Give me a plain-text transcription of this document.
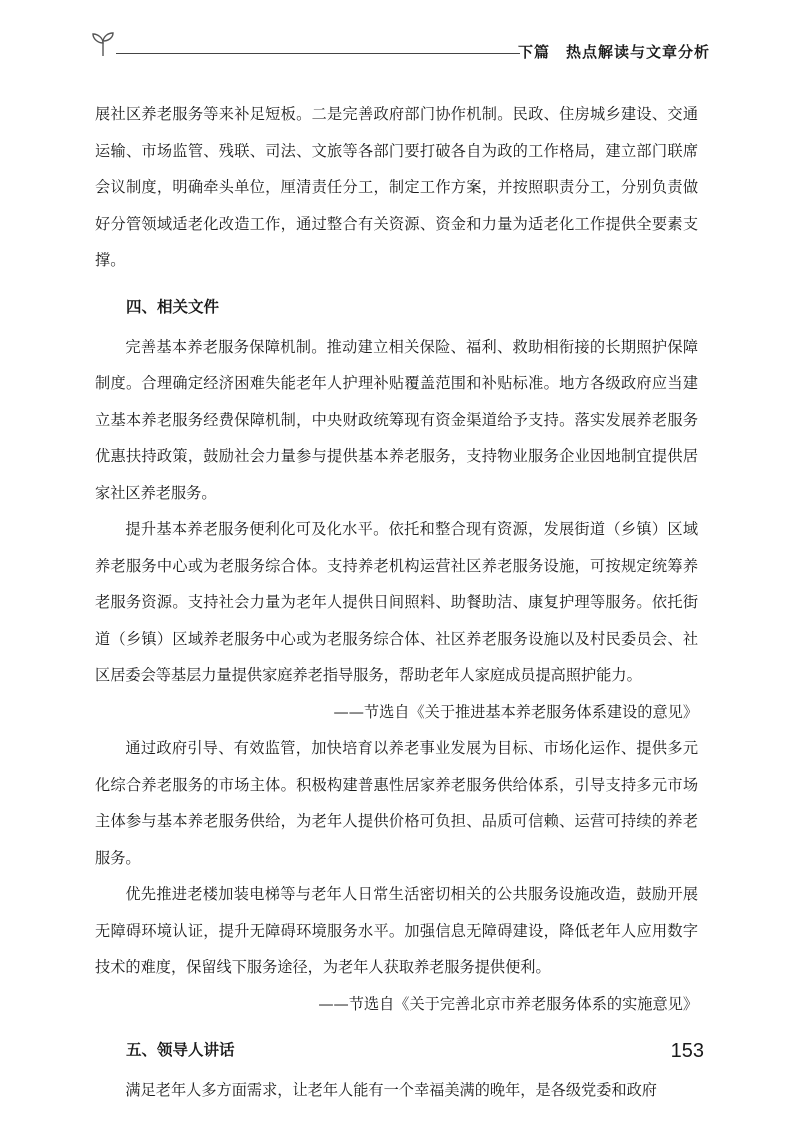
下篇　热点解读与文章分析

展社区养老服务等来补足短板。二是完善政府部门协作机制。民政、住房城乡建设、交通运输、市场监管、残联、司法、文旅等各部门要打破各自为政的工作格局，建立部门联席会议制度，明确牵头单位，厘清责任分工，制定工作方案，并按照职责分工，分别负责做好分管领域适老化改造工作，通过整合有关资源、资金和力量为适老化工作提供全要素支撑。

四、相关文件

完善基本养老服务保障机制。推动建立相关保险、福利、救助相衔接的长期照护保障制度。合理确定经济困难失能老年人护理补贴覆盖范围和补贴标准。地方各级政府应当建立基本养老服务经费保障机制，中央财政统筹现有资金渠道给予支持。落实发展养老服务优惠扶持政策，鼓励社会力量参与提供基本养老服务，支持物业服务企业因地制宜提供居家社区养老服务。

提升基本养老服务便利化可及化水平。依托和整合现有资源，发展街道（乡镇）区域养老服务中心或为老服务综合体。支持养老机构运营社区养老服务设施，可按规定统筹养老服务资源。支持社会力量为老年人提供日间照料、助餐助洁、康复护理等服务。依托街道（乡镇）区域养老服务中心或为老服务综合体、社区养老服务设施以及村民委员会、社区居委会等基层力量提供家庭养老指导服务，帮助老年人家庭成员提高照护能力。

——节选自《关于推进基本养老服务体系建设的意见》

通过政府引导、有效监管，加快培育以养老事业发展为目标、市场化运作、提供多元化综合养老服务的市场主体。积极构建普惠性居家养老服务供给体系，引导支持多元市场主体参与基本养老服务供给，为老年人提供价格可负担、品质可信赖、运营可持续的养老服务。

优先推进老楼加装电梯等与老年人日常生活密切相关的公共服务设施改造，鼓励开展无障碍环境认证，提升无障碍环境服务水平。加强信息无障碍建设，降低老年人应用数字技术的难度，保留线下服务途径，为老年人获取养老服务提供便利。

——节选自《关于完善北京市养老服务体系的实施意见》

五、领导人讲话

满足老年人多方面需求，让老年人能有一个幸福美满的晚年，是各级党委和政府

153
